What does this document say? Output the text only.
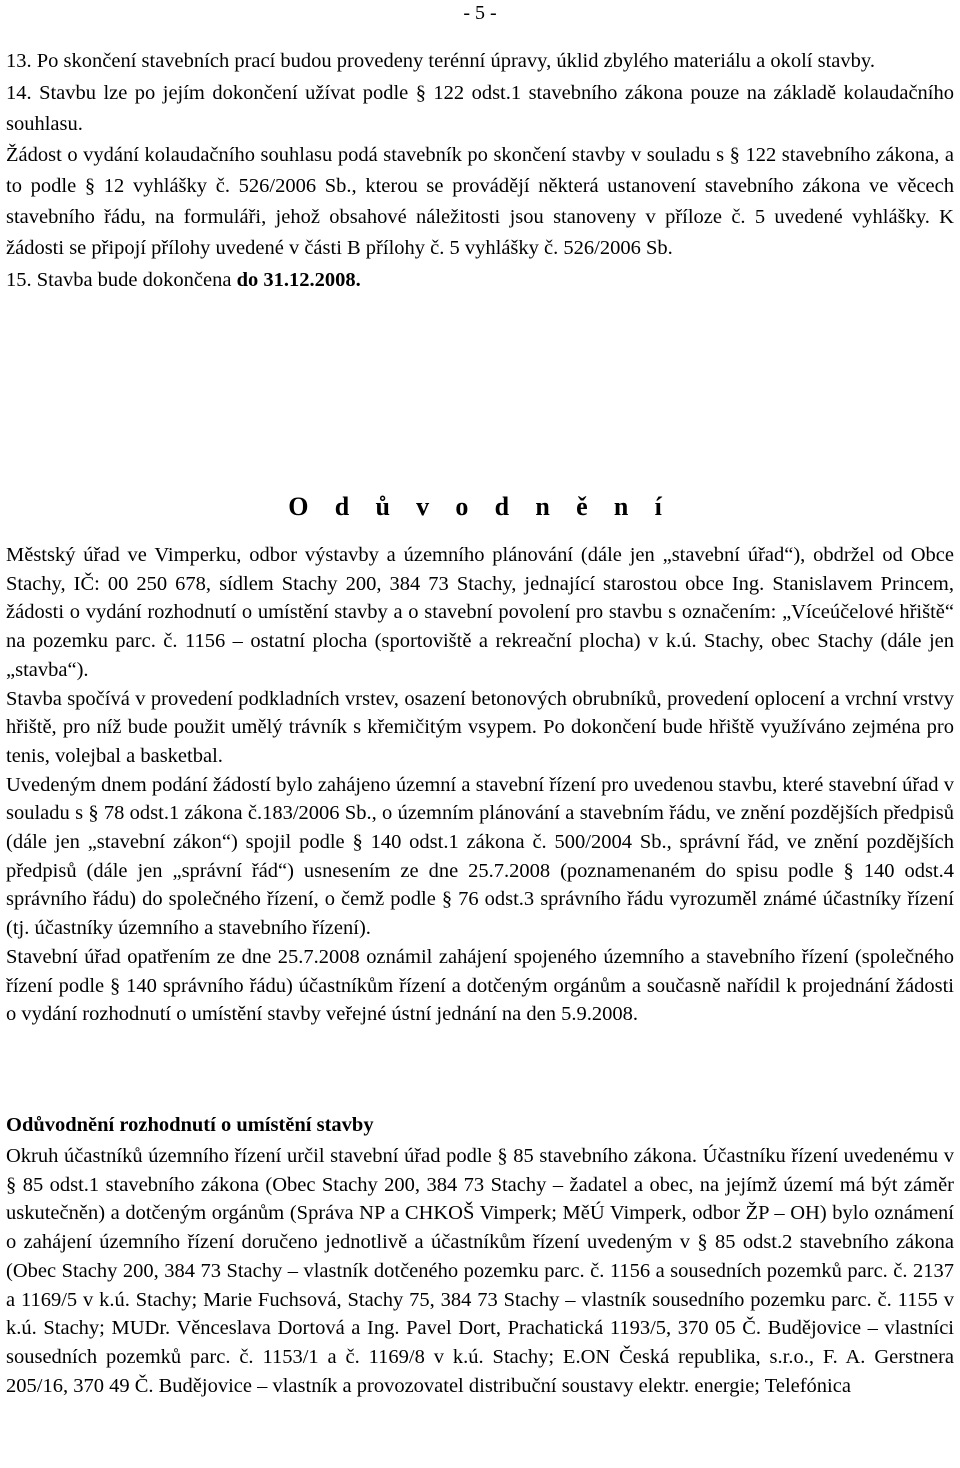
- 5 -

13. Po skončení stavebních prací budou provedeny terénní úpravy, úklid zbylého materiálu a okolí stavby.

14. Stavbu lze po jejím dokončení užívat podle § 122 odst.1 stavebního zákona pouze na základě kolaudačního souhlasu.

Žádost o vydání kolaudačního souhlasu podá stavebník po skončení stavby v souladu s § 122 stavebního zákona, a to podle § 12 vyhlášky č. 526/2006 Sb., kterou se provádějí některá ustanovení stavebního zákona ve věcech stavebního řádu, na formuláři, jehož obsahové náležitosti jsou stanoveny v příloze č. 5 uvedené vyhlášky. K žádosti se připojí přílohy uvedené v části B přílohy č. 5 vyhlášky č. 526/2006 Sb.

15. Stavba bude dokončena do 31.12.2008.

O d ů v o d n ě n í

Městský úřad ve Vimperku, odbor výstavby a územního plánování (dále jen „stavební úřad“), obdržel od Obce Stachy, IČ: 00 250 678, sídlem Stachy 200, 384 73 Stachy, jednající starostou obce Ing. Stanislavem Princem, žádosti o vydání rozhodnutí o umístění stavby a o stavební povolení pro stavbu s označením: „Víceúčelové hřiště“ na pozemku parc. č. 1156 – ostatní plocha (sportoviště a rekreační plocha) v k.ú. Stachy, obec Stachy (dále jen „stavba“).

Stavba spočívá v provedení podkladních vrstev, osazení betonových obrubníků, provedení oplocení a vrchní vrstvy hřiště, pro níž bude použit umělý trávník s křemičitým vsypem. Po dokončení bude hřiště využíváno zejména pro tenis, volejbal a basketbal.

Uvedeným dnem podání žádostí bylo zahájeno územní a stavební řízení pro uvedenou stavbu, které stavební úřad v souladu s § 78 odst.1 zákona č.183/2006 Sb., o územním plánování a stavebním řádu, ve znění pozdějších předpisů (dále jen „stavební zákon“) spojil podle § 140 odst.1 zákona č. 500/2004 Sb., správní řád, ve znění pozdějších předpisů (dále jen „správní řád“) usnesením ze dne 25.7.2008 (poznamenaném do spisu podle § 140 odst.4 správního řádu) do společného řízení, o čemž podle § 76 odst.3 správního řádu vyrozuměl známé účastníky řízení (tj. účastníky územního a stavebního řízení).

Stavební úřad opatřením ze dne 25.7.2008 oznámil zahájení spojeného územního a stavebního řízení (společného řízení podle § 140 správního řádu) účastníkům řízení a dotčeným orgánům a současně nařídil k projednání žádosti o vydání rozhodnutí o umístění stavby veřejné ústní jednání na den 5.9.2008.

Odůvodnění rozhodnutí o umístění stavby

Okruh účastníků územního řízení určil stavební úřad podle § 85 stavebního zákona. Účastníku řízení uvedenému v § 85 odst.1 stavebního zákona (Obec Stachy 200, 384 73 Stachy – žadatel a obec, na jejímž území má být záměr uskutečněn) a dotčeným orgánům (Správa NP a CHKOŠ Vimperk; MěÚ Vimperk, odbor ŽP – OH) bylo oznámení o zahájení územního řízení doručeno jednotlivě a účastníkům řízení uvedeným v § 85 odst.2 stavebního zákona (Obec Stachy 200, 384 73 Stachy – vlastník dotčeného pozemku parc. č. 1156 a sousedních pozemků parc. č. 2137 a 1169/5 v k.ú. Stachy; Marie Fuchsová, Stachy 75, 384 73 Stachy – vlastník sousedního pozemku parc. č. 1155 v k.ú. Stachy; MUDr. Věnceslava Dortová a Ing. Pavel Dort, Prachatická 1193/5, 370 05 Č. Budějovice – vlastníci sousedních pozemků parc. č. 1153/1 a č. 1169/8 v k.ú. Stachy; E.ON Česká republika, s.r.o., F. A. Gerstnera 205/16, 370 49 Č. Budějovice – vlastník a provozovatel distribuční soustavy elektr. energie; Telefónica
